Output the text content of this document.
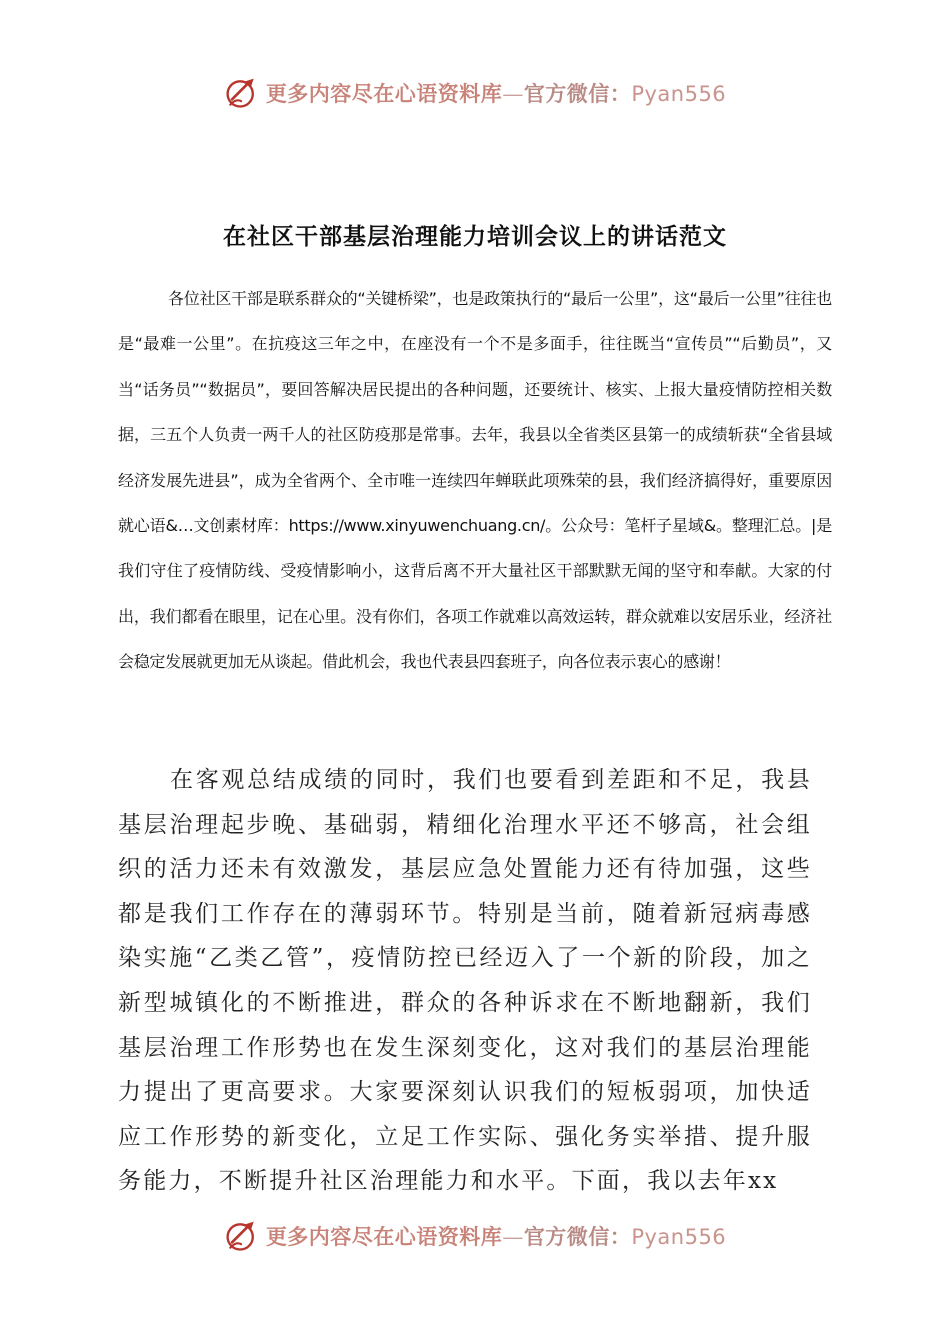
更多内容尽在心语资料库—官方微信：Pyan556
在社区干部基层治理能力培训会议上的讲话范文

各位社区干部是联系群众的“关键桥梁”，也是政策执行的“最后一公里”，这“最后一公里”往往也是“最难一公里”。在抗疫这三年之中，在座没有一个不是多面手，往往既当“宣传员”“后勤员”，又当“话务员”“数据员”，要回答解决居民提出的各种问题，还要统计、核实、上报大量疫情防控相关数据，三五个人负责一两千人的社区防疫那是常事。去年，我县以全省类区县第一的成绩斩获“全省县域经济发展先进县”，成为全省两个、全市唯一连续四年蝉联此项殊荣的县，我们经济搞得好，重要原因就心语&…文创素材库：https://www.xinyuwenchuang.cn/。公众号：笔杆子星域&。整理汇总。|是我们守住了疫情防线、受疫情影响小，这背后离不开大量社区干部默默无闻的坚守和奉献。大家的付出，我们都看在眼里，记在心里。没有你们，各项工作就难以高效运转，群众就难以安居乐业，经济社会稳定发展就更加无从谈起。借此机会，我也代表县四套班子，向各位表示衷心的感谢！

在客观总结成绩的同时，我们也要看到差距和不足，我县基层治理起步晚、基础弱，精细化治理水平还不够高，社会组织的活力还未有效激发，基层应急处置能力还有待加强，这些都是我们工作存在的薄弱环节。特别是当前，随着新冠病毒感染实施“乙类乙管”，疫情防控已经迈入了一个新的阶段，加之新型城镇化的不断推进，群众的各种诉求在不断地翻新，我们基层治理工作形势也在发生深刻变化，这对我们的基层治理能力提出了更高要求。大家要深刻认识我们的短板弱项，加快适应工作形势的新变化，立足工作实际、强化务实举措、提升服务能力，不断提升社区治理能力和水平。下面，我以去年xx

更多内容尽在心语资料库—官方微信：Pyan556
